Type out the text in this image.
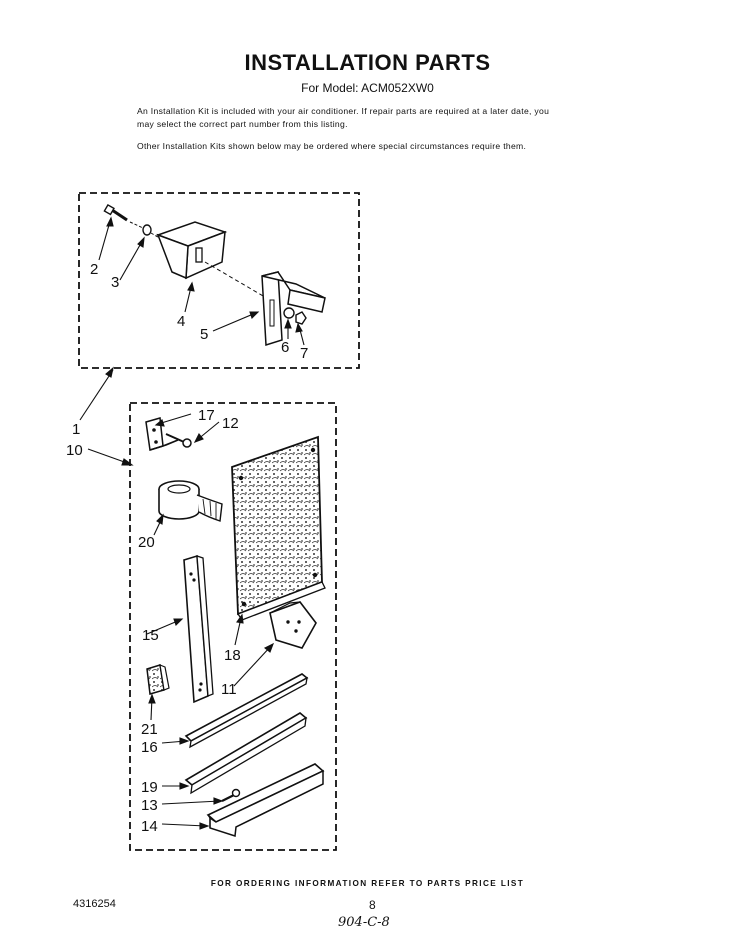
INSTALLATION PARTS
For Model: ACM052XW0
An Installation Kit is included with your air conditioner. If repair parts are required at a later date, you may select the correct part number from this listing.
Other Installation Kits shown below may be ordered where special circumstances require them.
2
3
4
5
6 7
1
10
17 12
20
15
18
11
21
16
19
13
14
FOR ORDERING INFORMATION REFER TO PARTS PRICE LIST
4316254	8
904-C-8
